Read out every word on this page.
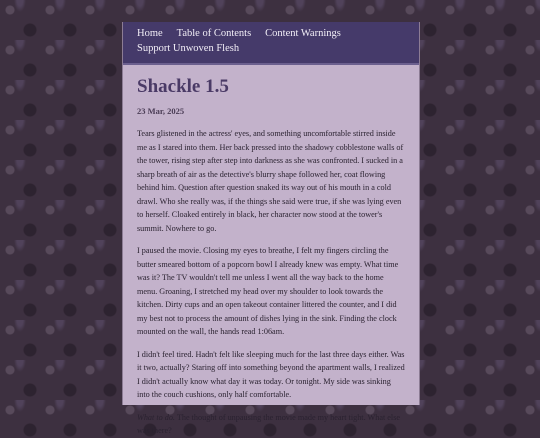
Home Table of Contents Content Warnings
Support Unwoven Flesh
Shackle 1.5
23 Mar, 2025

Tears glistened in the actress' eyes, and something uncomfortable stirred inside me as I stared into them. Her back pressed into the shadowy cobblestone walls of the tower, rising step after step into darkness as she was confronted. I sucked in a sharp breath of air as the detective's blurry shape followed her, coat flowing behind him. Question after question snaked its way out of his mouth in a cold drawl. Who she really was, if the things she said were true, if she was lying even to herself. Cloaked entirely in black, her character now stood at the tower's summit. Nowhere to go.

I paused the movie. Closing my eyes to breathe, I felt my fingers circling the butter smeared bottom of a popcorn bowl I already knew was empty. What time was it? The TV wouldn't tell me unless I went all the way back to the home menu. Groaning, I stretched my head over my shoulder to look towards the kitchen. Dirty cups and an open takeout container littered the counter, and I did my best not to process the amount of dishes lying in the sink. Finding the clock mounted on the wall, the hands read 1:06am.

I didn't feel tired. Hadn't felt like sleeping much for the last three days either. Was it two, actually? Staring off into something beyond the apartment walls, I realized I didn't actually know what day it was today. Or tonight. My side was sinking into the couch cushions, only half comfortable.

What to do. The thought of unpausing the movie made my heart tight. What else was there?
